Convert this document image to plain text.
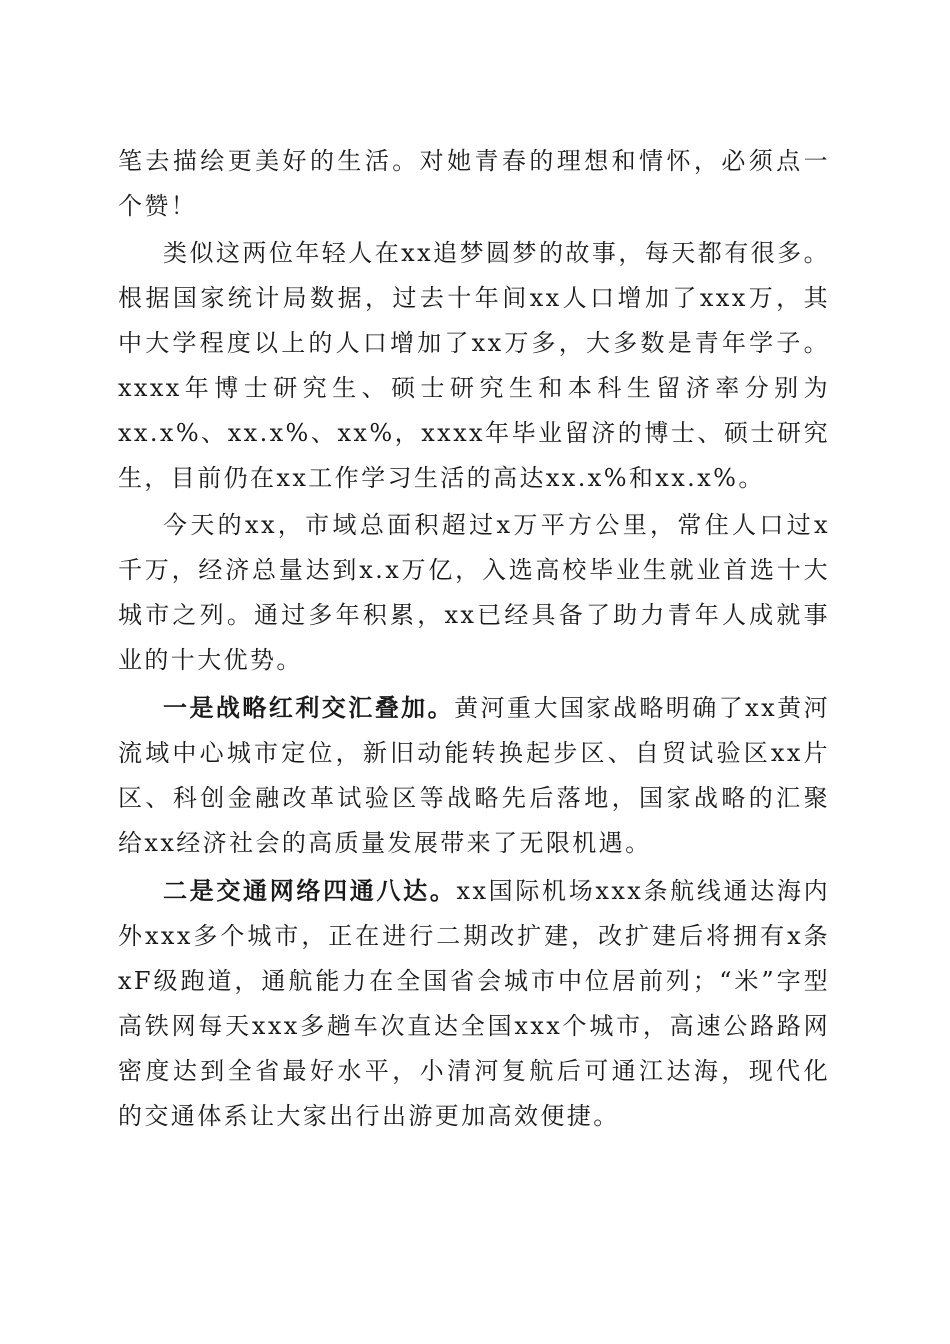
笔去描绘更美好的生活。对她青春的理想和情怀，必须点一个赞！

类似这两位年轻人在xx追梦圆梦的故事，每天都有很多。根据国家统计局数据，过去十年间xx人口增加了xxx万，其中大学程度以上的人口增加了xx万多，大多数是青年学子。xxxx年博士研究生、硕士研究生和本科生留济率分别为xx.x%、xx.x%、xx%，xxxx年毕业留济的博士、硕士研究生，目前仍在xx工作学习生活的高达xx.x%和xx.x%。

今天的xx，市域总面积超过x万平方公里，常住人口过x千万，经济总量达到x.x万亿，入选高校毕业生就业首选十大城市之列。通过多年积累，xx已经具备了助力青年人成就事业的十大优势。

一是战略红利交汇叠加。黄河重大国家战略明确了xx黄河流域中心城市定位，新旧动能转换起步区、自贸试验区xx片区、科创金融改革试验区等战略先后落地，国家战略的汇聚给xx经济社会的高质量发展带来了无限机遇。

二是交通网络四通八达。xx国际机场xxx条航线通达海内外xxx多个城市，正在进行二期改扩建，改扩建后将拥有x条xF级跑道，通航能力在全国省会城市中位居前列；“米”字型高铁网每天xxx多趟车次直达全国xxx个城市，高速公路路网密度达到全省最好水平，小清河复航后可通江达海，现代化的交通体系让大家出行出游更加高效便捷。
